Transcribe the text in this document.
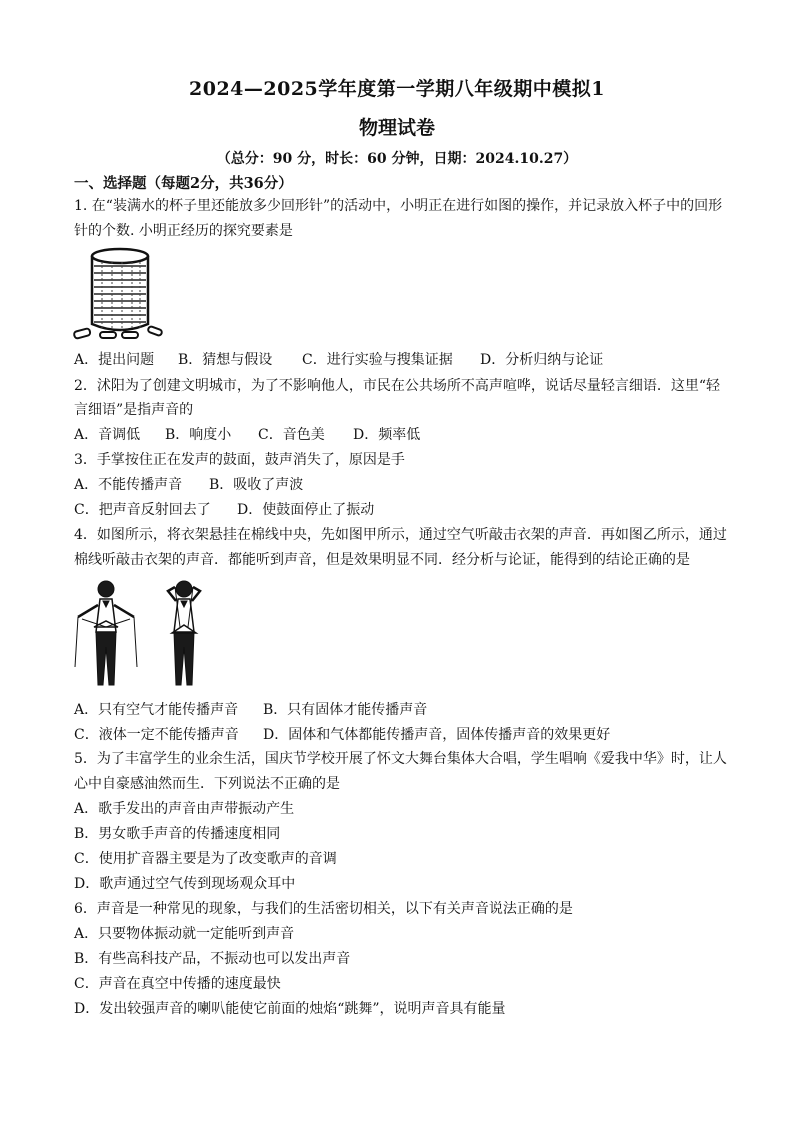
2024—2025学年度第一学期八年级期中模拟1
物理试卷
（总分：90 分，时长：60 分钟，日期：2024.10.27）
一、选择题（每题2分，共36分）
1. 在“装满水的杯子里还能放多少回形针”的活动中，小明正在进行如图的操作，并记录放入杯子中的回形
针的个数. 小明正经历的探究要素是
A．提出问题 B．猜想与假设 C．进行实验与搜集证据 D．分析归纳与论证
2．沭阳为了创建文明城市，为了不影响他人，市民在公共场所不高声喧哗，说话尽量轻言细语．这里“轻
言细语”是指声音的
A．音调低 B．响度小 C．音色美 D．频率低
3．手掌按住正在发声的鼓面，鼓声消失了，原因是手
A．不能传播声音 B．吸收了声波
C．把声音反射回去了 D．使鼓面停止了振动
4．如图所示，将衣架悬挂在棉线中央，先如图甲所示，通过空气听敲击衣架的声音．再如图乙所示，通过
棉线听敲击衣架的声音．都能听到声音，但是效果明显不同．经分析与论证，能得到的结论正确的是
A．只有空气才能传播声音 B．只有固体才能传播声音
C．液体一定不能传播声音 D．固体和气体都能传播声音，固体传播声音的效果更好
5．为了丰富学生的业余生活，国庆节学校开展了怀文大舞台集体大合唱，学生唱响《爱我中华》时，让人
心中自豪感油然而生．下列说法不正确的是
A．歌手发出的声音由声带振动产生
B．男女歌手声音的传播速度相同
C．使用扩音器主要是为了改变歌声的音调
D．歌声通过空气传到现场观众耳中
6．声音是一种常见的现象，与我们的生活密切相关，以下有关声音说法正确的是
A．只要物体振动就一定能听到声音
B．有些高科技产品，不振动也可以发出声音
C．声音在真空中传播的速度最快
D．发出较强声音的喇叭能使它前面的烛焰“跳舞”，说明声音具有能量
